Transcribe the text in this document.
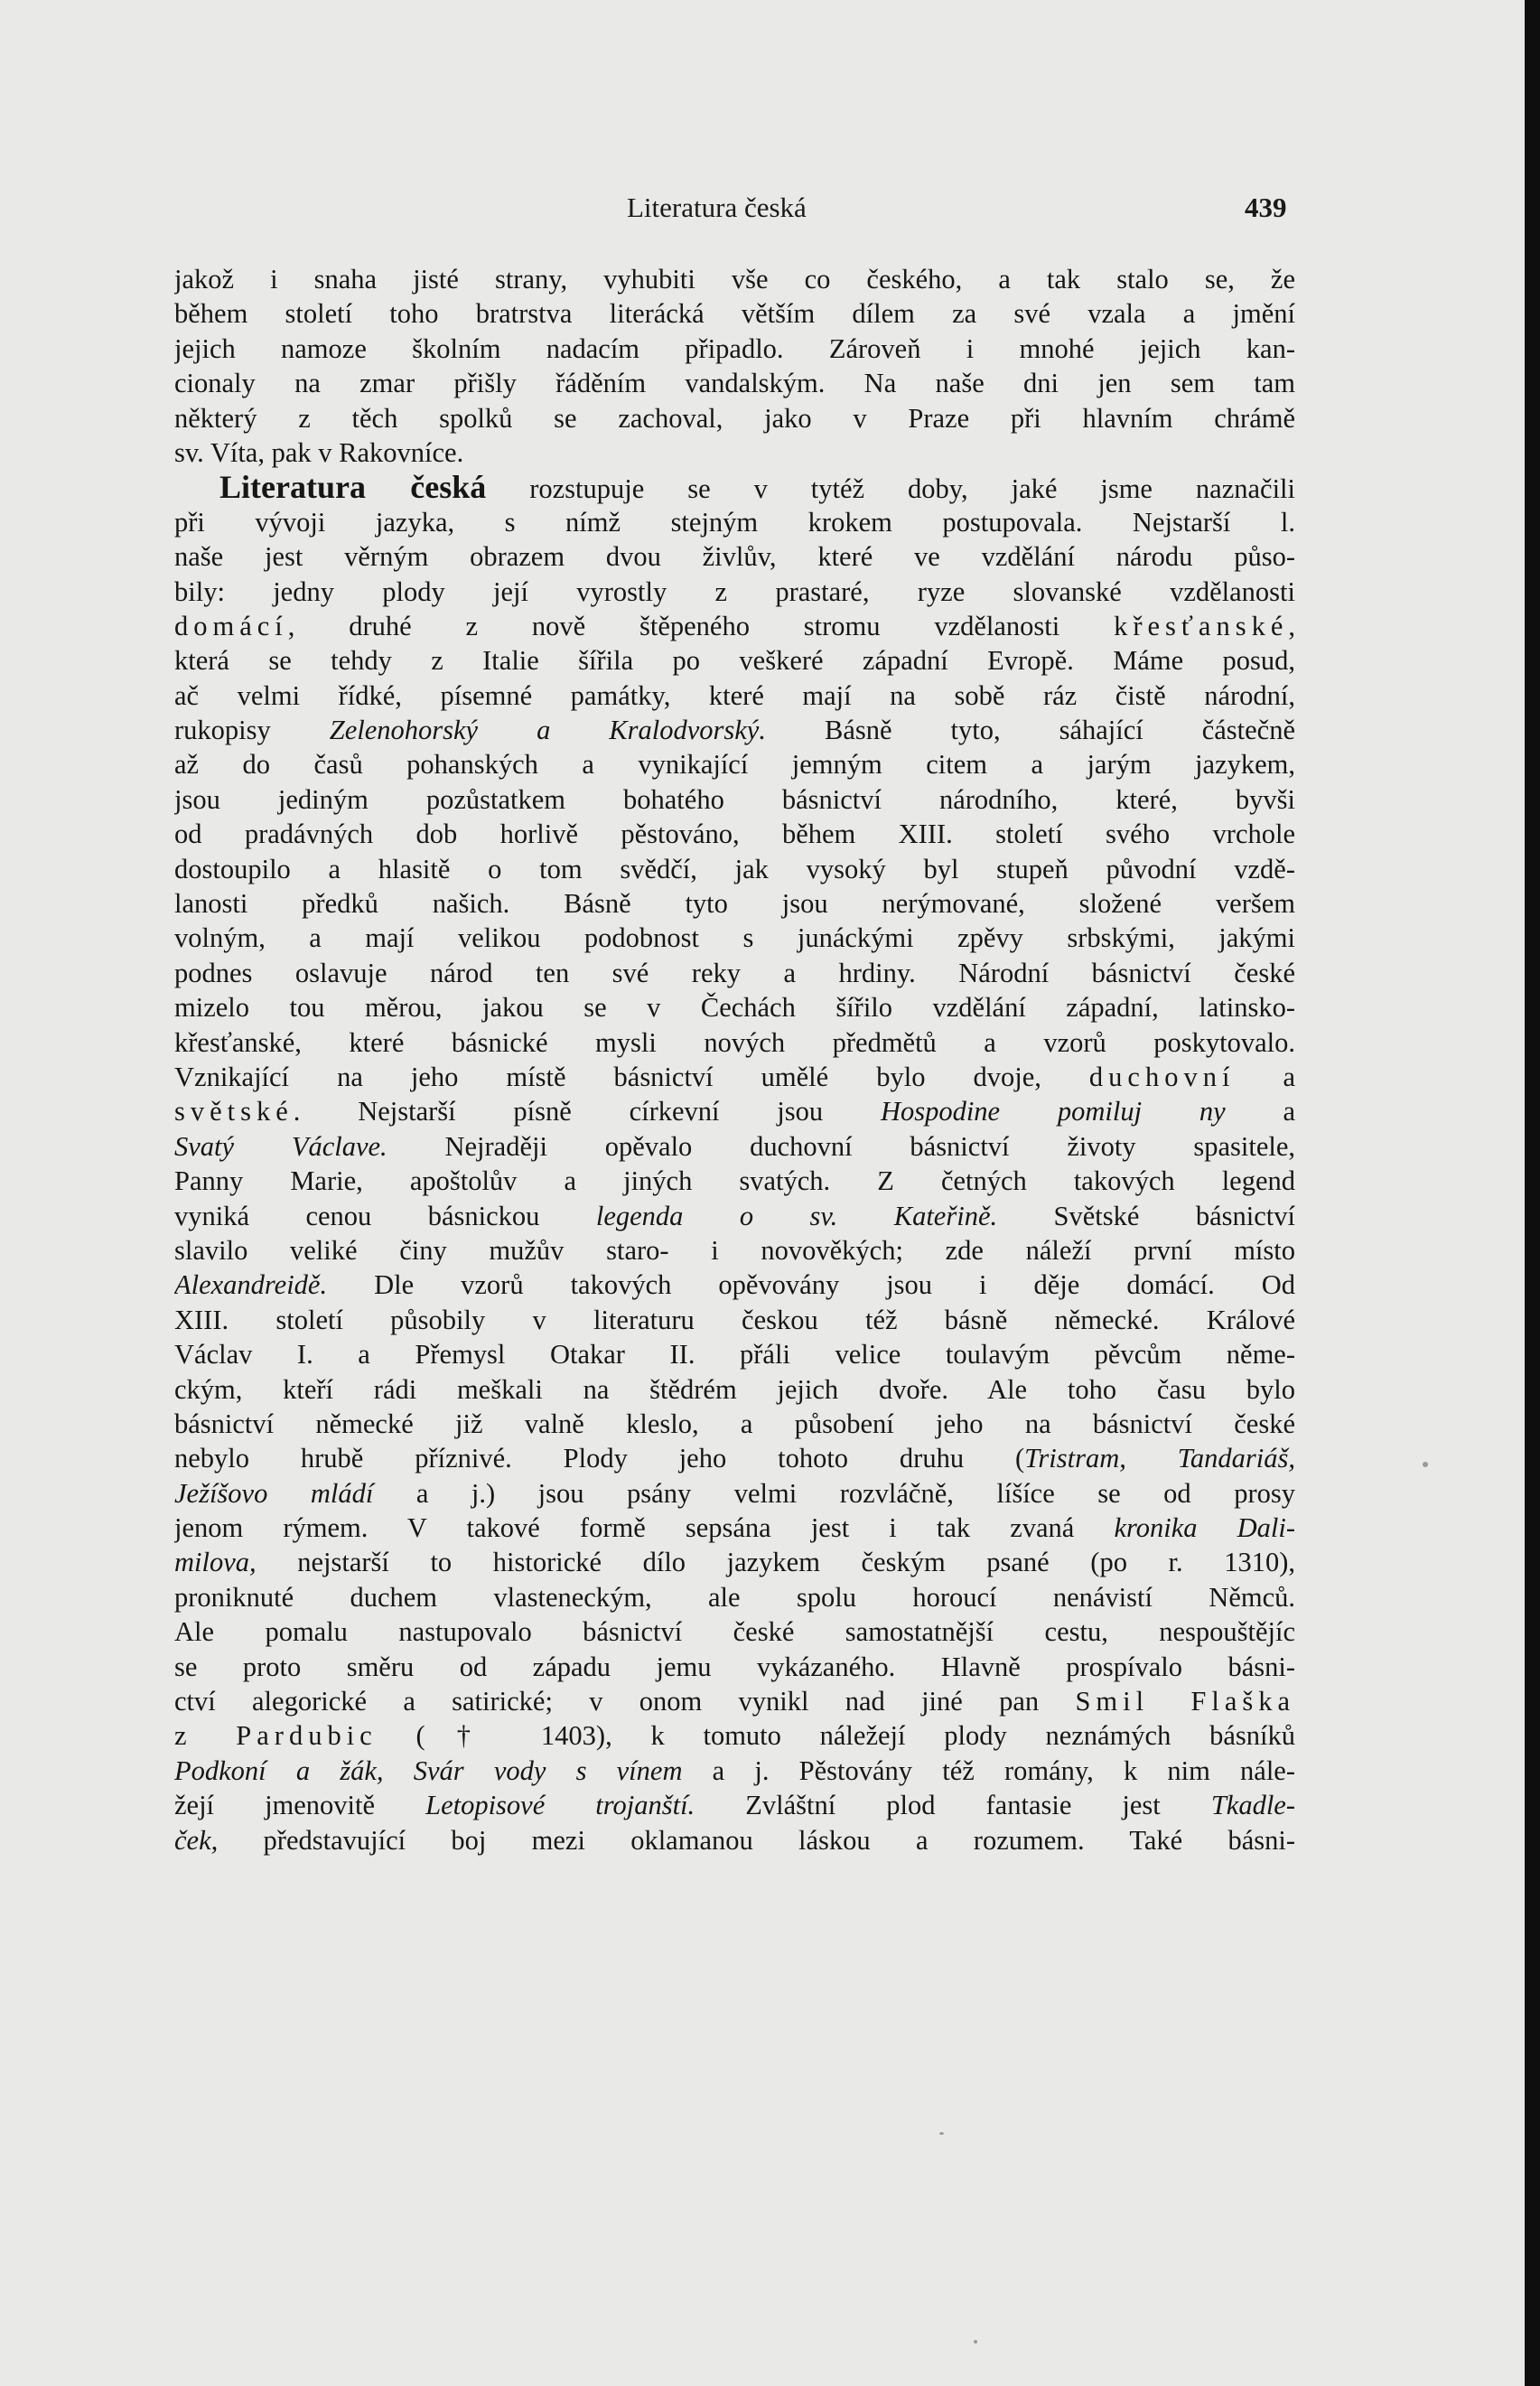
Literatura česká	439
jakož i snaha jisté strany, vyhubiti vše co českého, a tak stalo se, že
během století toho bratrstva literácká větším dílem za své vzala a jmění
jejich namoze školním nadacím připadlo. Zároveň i mnohé jejich kan-
cionaly na zmar přišly řáděním vandalským. Na naše dni jen sem tam
některý z těch spolků se zachoval, jako v Praze při hlavním chrámě
sv. Víta, pak v Rakovníce.
Literatura česká rozstupuje se v tytéž doby, jaké jsme naznačili
při vývoji jazyka, s nímž stejným krokem postupovala. Nejstarší l.
naše jest věrným obrazem dvou živlův, které ve vzdělání národu půso-
bily: jedny plody její vyrostly z prastaré, ryze slovanské vzdělanosti
domácí, druhé z nově štěpeného stromu vzdělanosti křesťanské,
která se tehdy z Italie šířila po veškeré západní Evropě. Máme posud,
ač velmi řídké, písemné památky, které mají na sobě ráz čistě národní,
rukopisy Zelenohorský a Kralodvorský. Básně tyto, sáhající částečně
až do časů pohanských a vynikající jemným citem a jarým jazykem,
jsou jediným pozůstatkem bohatého básnictví národního, které, byvši
od pradávných dob horlivě pěstováno, během XIII. století svého vrchole
dostoupilo a hlasitě o tom svědčí, jak vysoký byl stupeň původní vzdě-
lanosti předků našich. Básně tyto jsou nerýmované, složené veršem
volným, a mají velikou podobnost s junáckými zpěvy srbskými, jakými
podnes oslavuje národ ten své reky a hrdiny. Národní básnictví české
mizelo tou měrou, jakou se v Čechách šířilo vzdělání západní, latinsko-
křesťanské, které básnické mysli nových předmětů a vzorů poskytovalo.
Vznikající na jeho místě básnictví umělé bylo dvoje, duchovní a
světské. Nejstarší písně církevní jsou Hospodine pomiluj ny a
Svatý Václave. Nejraději opěvalo duchovní básnictví životy spasitele,
Panny Marie, apoštolův a jiných svatých. Z četných takových legend
vyniká cenou básnickou legenda o sv. Kateřině. Světské básnictví
slavilo veliké činy mužův staro- i novověkých; zde náleží první místo
Alexandreidě. Dle vzorů takových opěvovány jsou i děje domácí. Od
XIII. století působily v literaturu českou též básně německé. Králové
Václav I. a Přemysl Otakar II. přáli velice toulavým pěvcům něme-
ckým, kteří rádi meškali na štědrém jejich dvoře. Ale toho času bylo
básnictví německé již valně kleslo, a působení jeho na básnictví české
nebylo hrubě příznivé. Plody jeho tohoto druhu (Tristram, Tandariáš,
Ježíšovo mládí a j.) jsou psány velmi rozvláčně, líšíce se od prosy
jenom rýmem. V takové formě sepsána jest i tak zvaná kronika Dali-
milova, nejstarší to historické dílo jazykem českým psané (po r. 1310),
proniknuté duchem vlasteneckým, ale spolu horoucí nenávistí Němců.
Ale pomalu nastupovalo básnictví české samostatnější cestu, nespouštějíc
se proto směru od západu jemu vykázaného. Hlavně prospívalo básni-
ctví alegorické a satirické; v onom vynikl nad jiné pan Smil Flaška
z Pardubic († 1403), k tomuto náležejí plody neznámých básníků
Podkoní a žák, Svár vody s vínem a j. Pěstovány též romány, k nim nále-
žejí jmenovitě Letopisové trojanští. Zvláštní plod fantasie jest Tkadle-
ček, představující boj mezi oklamanou láskou a rozumem. Také básni-
